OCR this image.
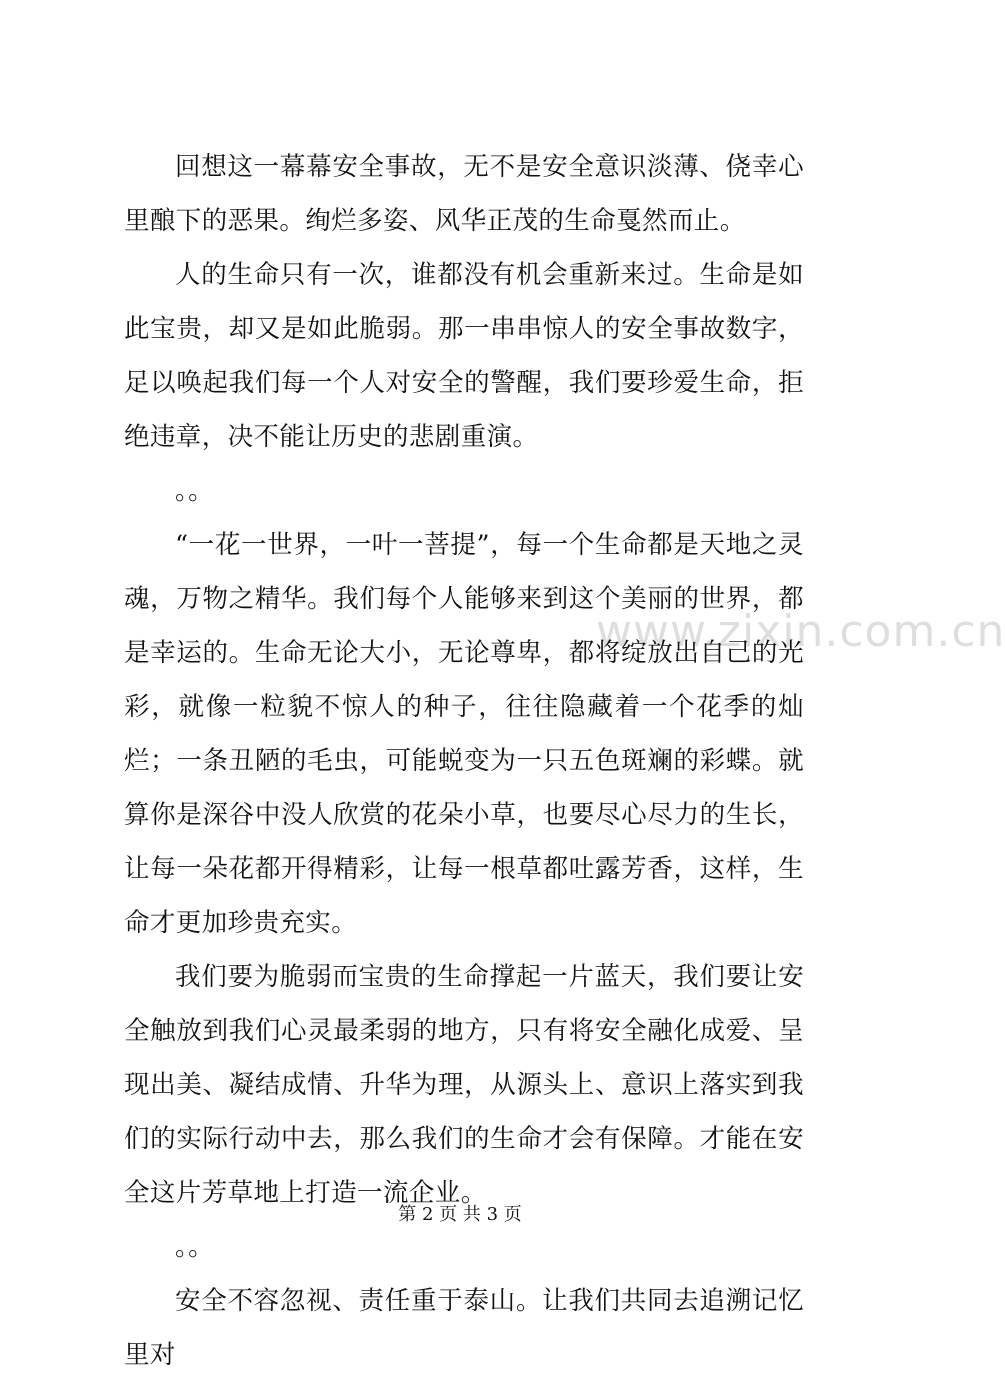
www.zixin.com.cn

回想这一幕幕安全事故，无不是安全意识淡薄、侥幸心里酿下的恶果。绚烂多姿、风华正茂的生命戛然而止。

人的生命只有一次，谁都没有机会重新来过。生命是如此宝贵，却又是如此脆弱。那一串串惊人的安全事故数字，足以唤起我们每一个人对安全的警醒，我们要珍爱生命，拒绝违章，决不能让历史的悲剧重演。

。。

“一花一世界，一叶一菩提”，每一个生命都是天地之灵魂，万物之精华。我们每个人能够来到这个美丽的世界，都是幸运的。生命无论大小，无论尊卑，都将绽放出自己的光彩，就像一粒貌不惊人的种子，往往隐藏着一个花季的灿烂；一条丑陋的毛虫，可能蜕变为一只五色斑斓的彩蝶。就算你是深谷中没人欣赏的花朵小草，也要尽心尽力的生长，让每一朵花都开得精彩，让每一根草都吐露芳香，这样，生命才更加珍贵充实。

我们要为脆弱而宝贵的生命撑起一片蓝天，我们要让安全触放到我们心灵最柔弱的地方，只有将安全融化成爱、呈现出美、凝结成情、升华为理，从源头上、意识上落实到我们的实际行动中去，那么我们的生命才会有保障。才能在安全这片芳草地上打造一流企业。

。。

安全不容忽视、责任重于泰山。让我们共同去追溯记忆里对

第 2 页 共 3 页
